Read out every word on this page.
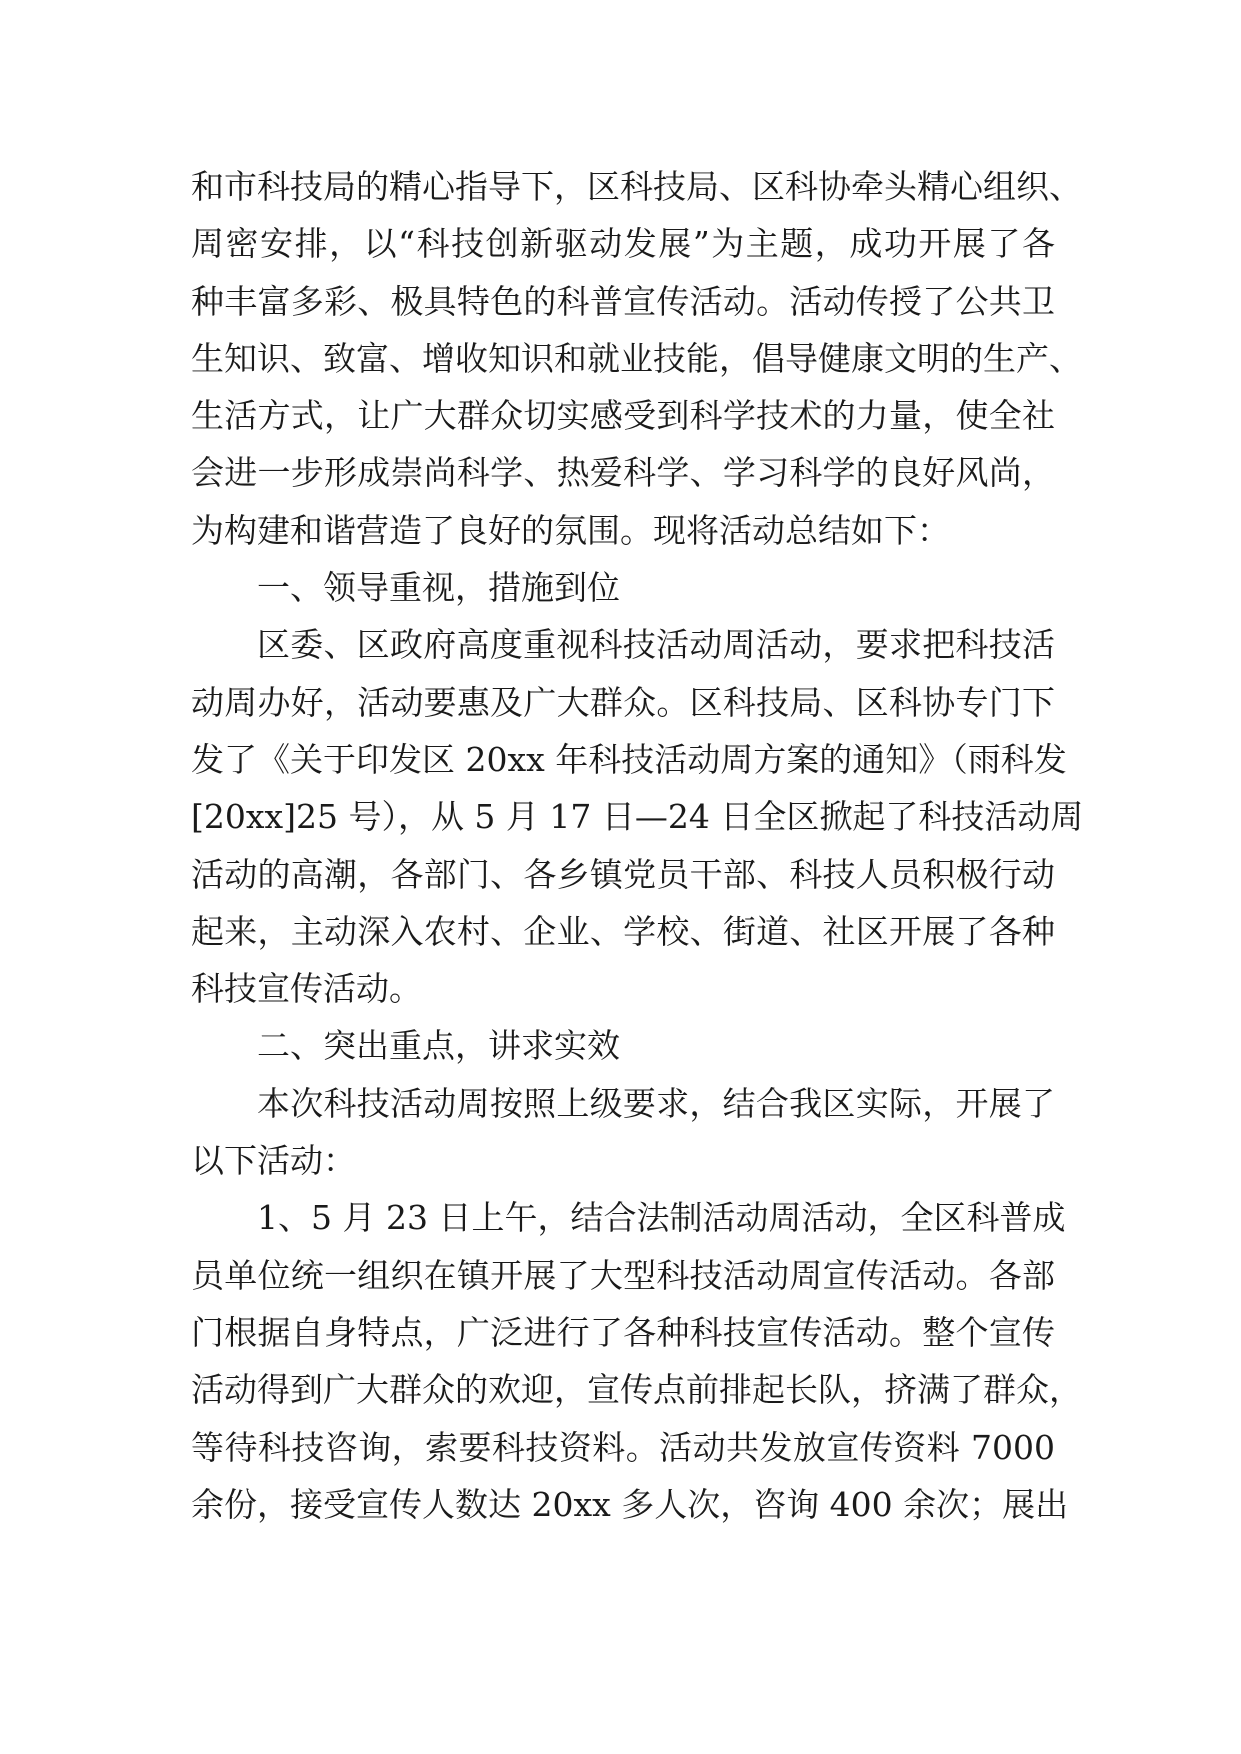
和市科技局的精心指导下，区科技局、区科协牵头精心组织、
周密安排，以“科技创新驱动发展”为主题，成功开展了各
种丰富多彩、极具特色的科普宣传活动。活动传授了公共卫
生知识、致富、增收知识和就业技能，倡导健康文明的生产、
生活方式，让广大群众切实感受到科学技术的力量，使全社
会进一步形成崇尚科学、热爱科学、学习科学的良好风尚，
为构建和谐营造了良好的氛围。现将活动总结如下：
一、领导重视，措施到位
区委、区政府高度重视科技活动周活动，要求把科技活
动周办好，活动要惠及广大群众。区科技局、区科协专门下
发了《关于印发区 20xx 年科技活动周方案的通知》（雨科发
[20xx]25 号），从 5 月 17 日—24 日全区掀起了科技活动周
活动的高潮，各部门、各乡镇党员干部、科技人员积极行动
起来，主动深入农村、企业、学校、街道、社区开展了各种
科技宣传活动。
二、突出重点，讲求实效
本次科技活动周按照上级要求，结合我区实际，开展了
以下活动：
1、5 月 23 日上午，结合法制活动周活动，全区科普成
员单位统一组织在镇开展了大型科技活动周宣传活动。各部
门根据自身特点，广泛进行了各种科技宣传活动。整个宣传
活动得到广大群众的欢迎，宣传点前排起长队，挤满了群众，
等待科技咨询，索要科技资料。活动共发放宣传资料 7000
余份，接受宣传人数达 20xx 多人次，咨询 400 余次；展出
